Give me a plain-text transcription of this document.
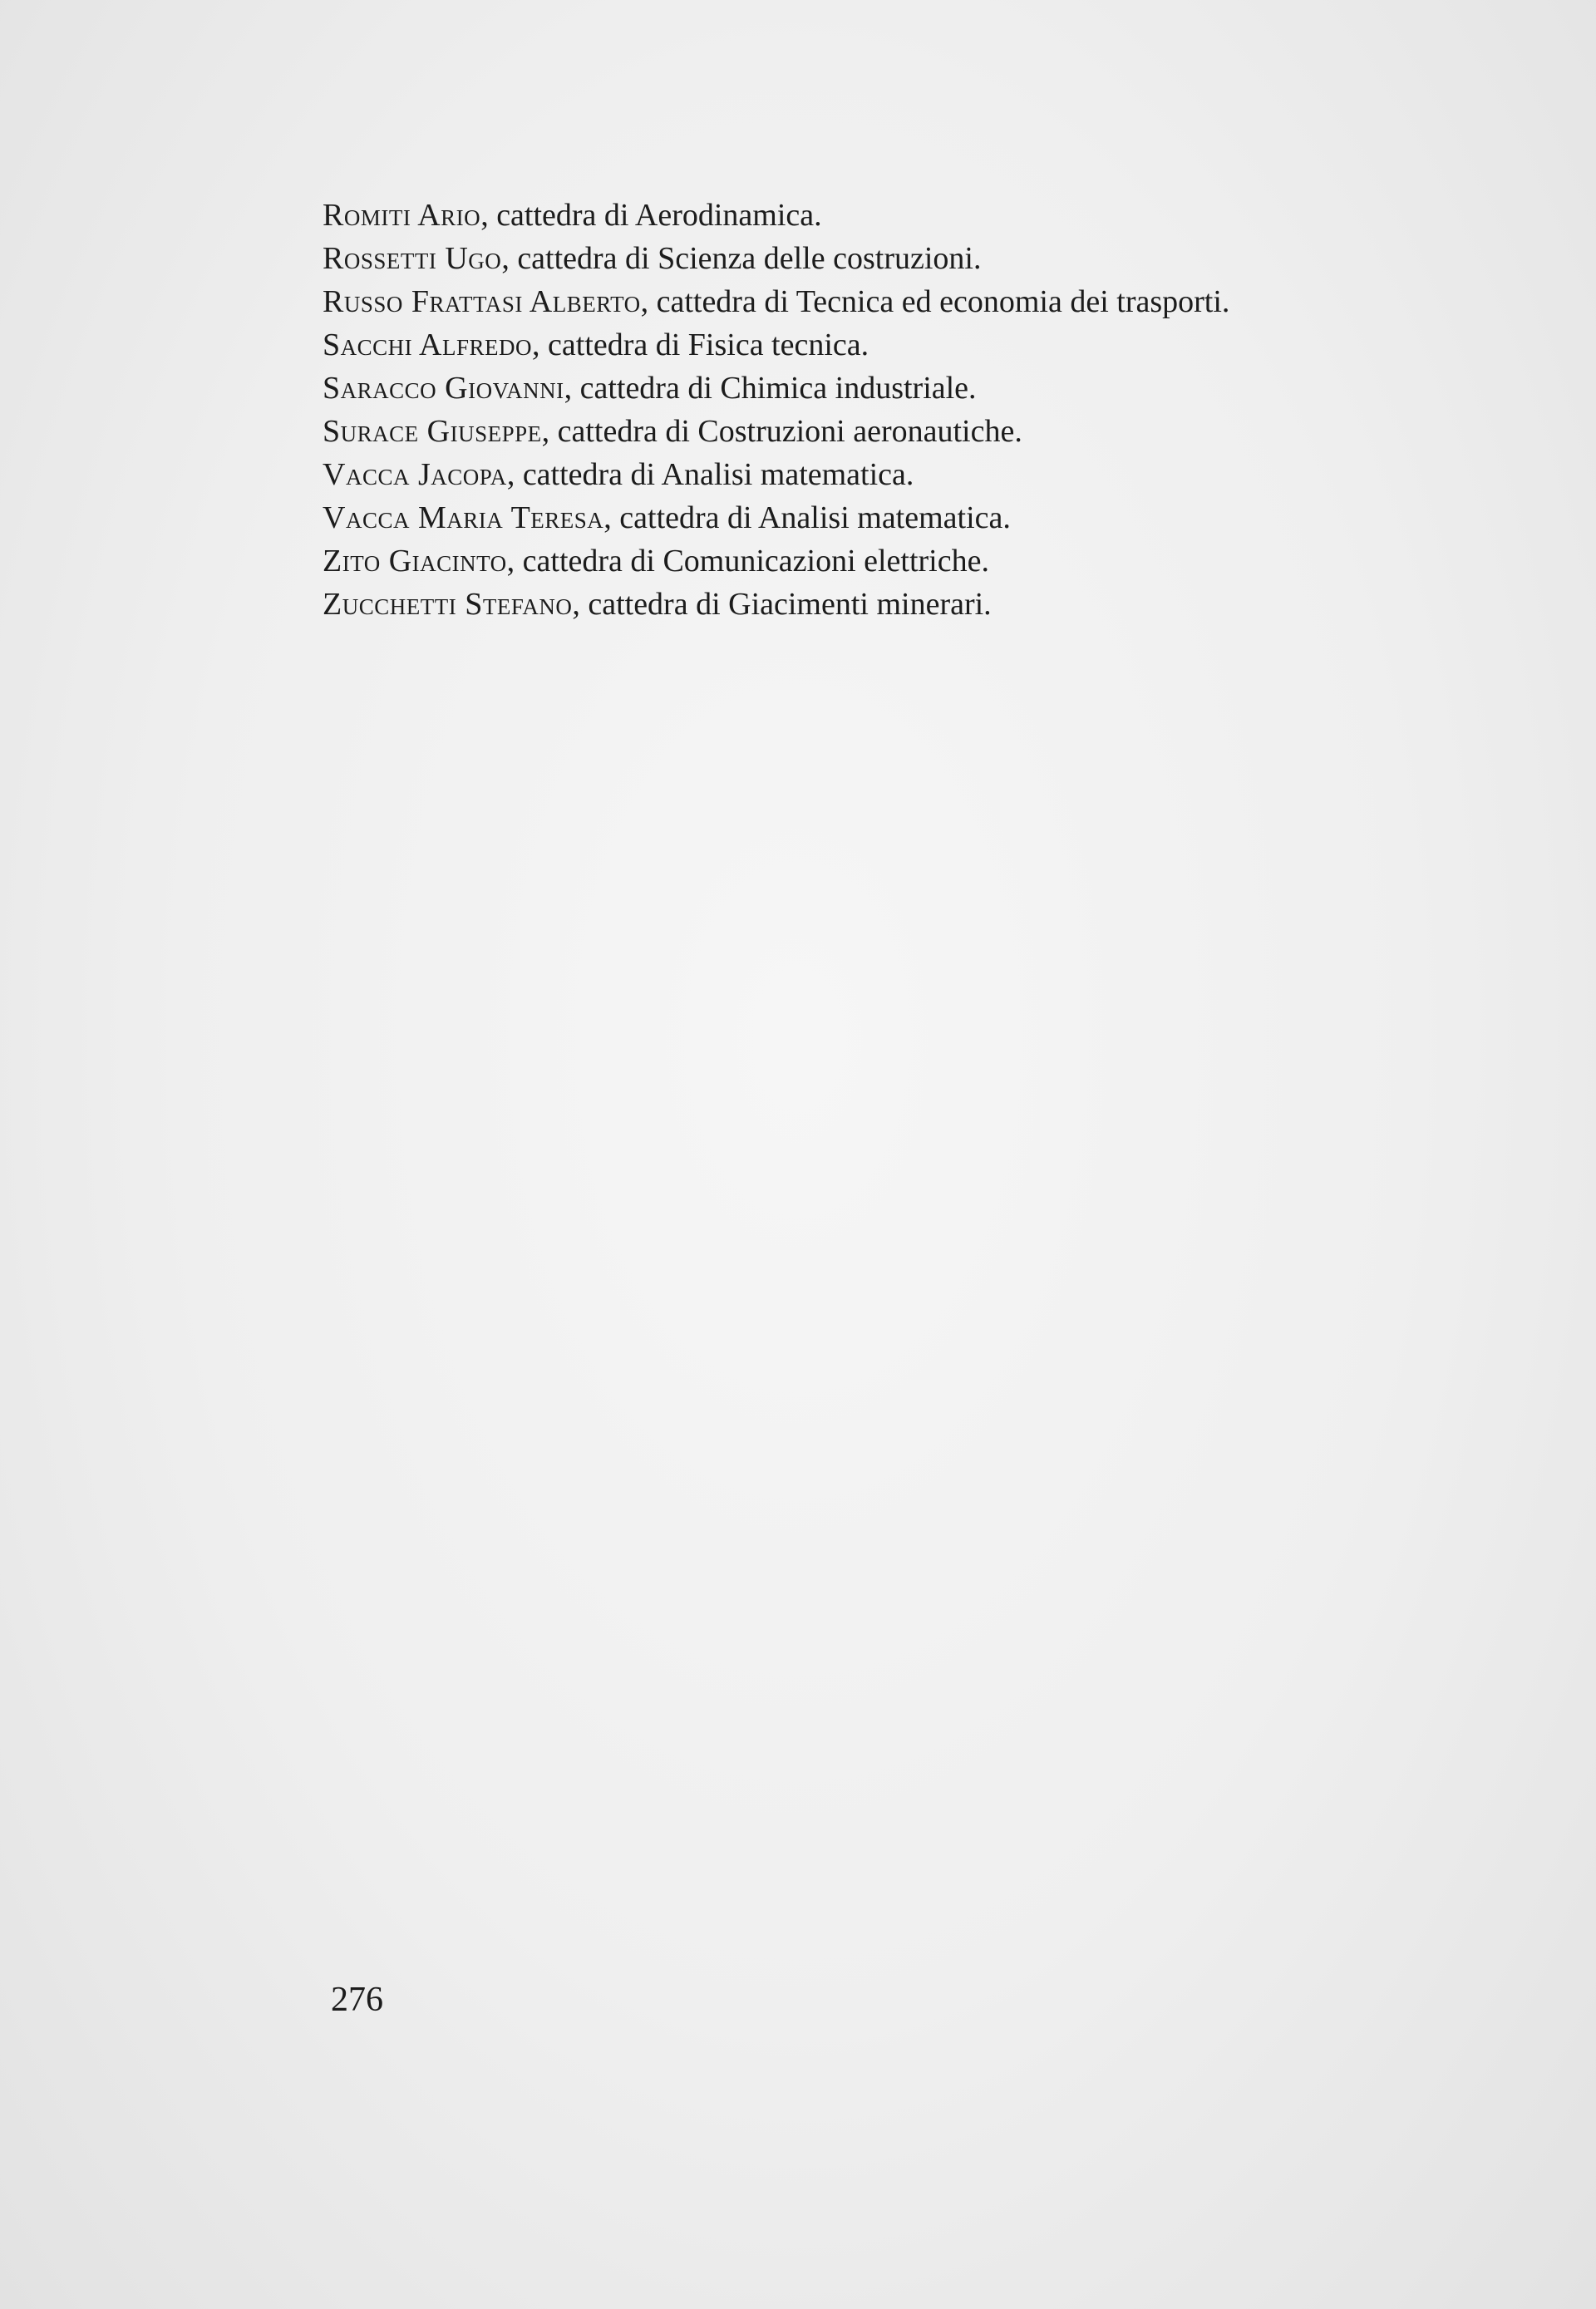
Romiti Ario, cattedra di Aerodinamica.
Rossetti Ugo, cattedra di Scienza delle costruzioni.
Russo Frattasi Alberto, cattedra di Tecnica ed economia dei trasporti.
Sacchi Alfredo, cattedra di Fisica tecnica.
Saracco Giovanni, cattedra di Chimica industriale.
Surace Giuseppe, cattedra di Costruzioni aeronautiche.
Vacca Jacopa, cattedra di Analisi matematica.
Vacca Maria Teresa, cattedra di Analisi matematica.
Zito Giacinto, cattedra di Comunicazioni elettriche.
Zucchetti Stefano, cattedra di Giacimenti minerari.
276
